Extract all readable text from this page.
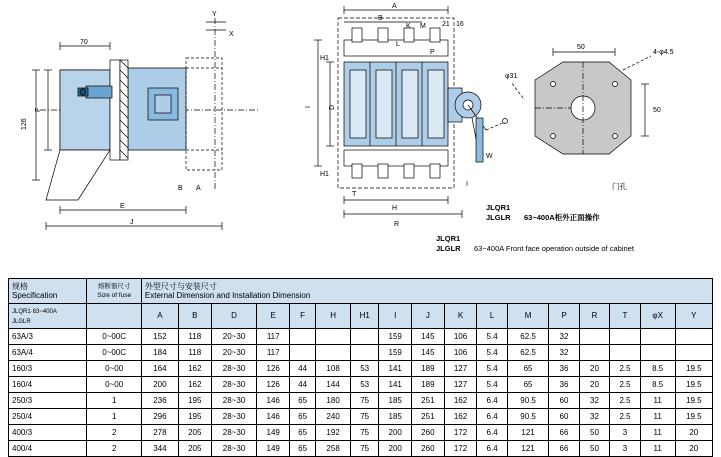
Y
X
70
F
126
E
J
B A
A
B
K M 21 16
L
P
H1
H1
I D
H
R
T
W
I
50
50
φ31
4-φ4.5
门孔
JLQR1
JLGLR 63~400A柜外正面操作
JLQR1
JLGLR 63~400A Front face operation outside of cabinet
规格
Specification

熔断器尺寸
Size of fuse

外型尺寸与安装尺寸
External Dimension and Installation Dimension

JLQR1·63~400A
JLGLR		A	B	D	E	F	H	H1	I	J	K	L	M	P	R	T	φX	Y
63A/3	0~00C	152	118	20~30	117				159	145	106	5.4	62.5	32				
63A/4	0~00C	184	118	20~30	117				159	145	106	5.4	62.5	32				
160/3	0~00	164	162	28~30	126	44	108	53	141	189	127	5.4	65	36	20	2.5	8.5	19.5
160/4	0~00	200	162	28~30	126	44	144	53	141	189	127	5.4	65	36	20	2.5	8.5	19.5
250/3	1	236	195	28~30	146	65	180	75	185	251	162	6.4	90.5	60	32	2.5	11	19.5
250/4	1	296	195	28~30	146	65	240	75	185	251	162	6.4	90.5	60	32	2.5	11	19.5
400/3	2	278	205	28~30	149	65	192	75	200	260	172	6.4	121	66	50	3	11	20
400/4	2	344	205	28~30	149	65	258	75	200	260	172	6.4	121	66	50	3	11	20
